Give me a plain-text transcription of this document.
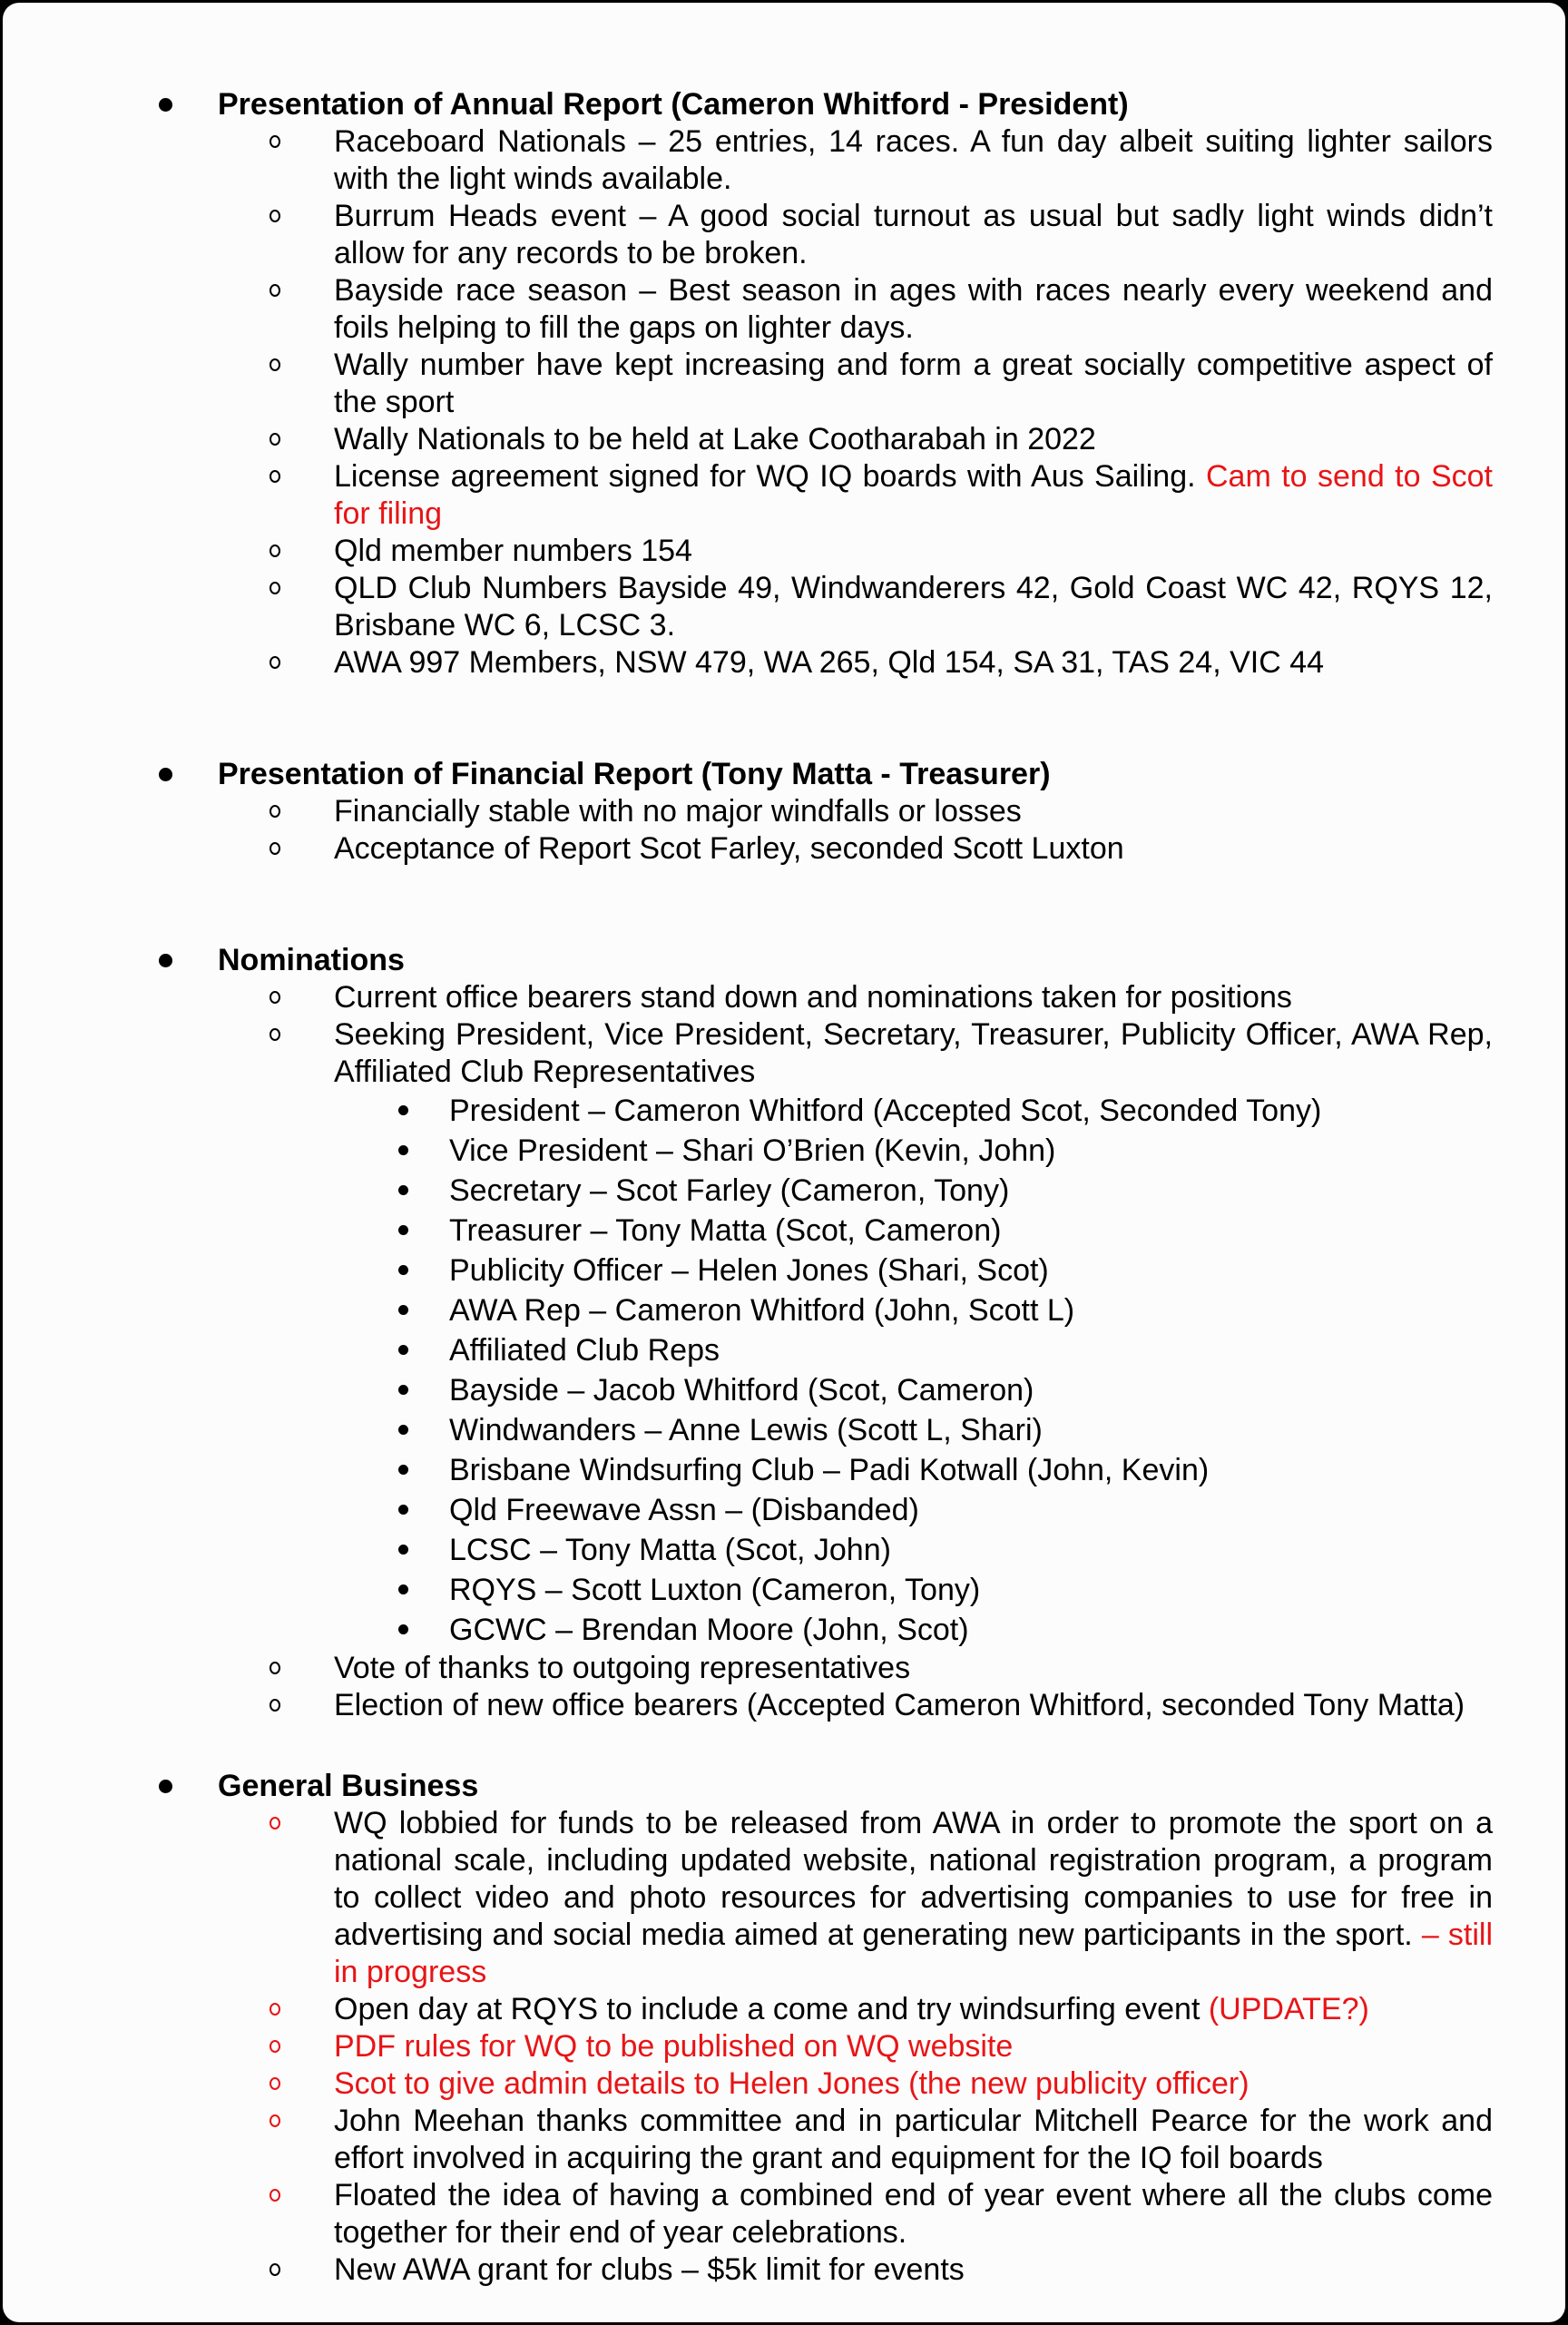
Presentation of Annual Report (Cameron Whitford - President)

Raceboard Nationals – 25 entries, 14 races. A fun day albeit suiting lighter sailors with the light winds available.

Burrum Heads event – A good social turnout as usual but sadly light winds didn’t allow for any records to be broken.

Bayside race season – Best season in ages with races nearly every weekend and foils helping to fill the gaps on lighter days.

Wally number have kept increasing and form a great socially competitive aspect of the sport

Wally Nationals to be held at Lake Cootharabah in 2022

License agreement signed for WQ IQ boards with Aus Sailing. Cam to send to Scot for filing

Qld member numbers 154

QLD Club Numbers Bayside 49, Windwanderers 42, Gold Coast WC 42, RQYS 12, Brisbane WC 6, LCSC 3.

AWA 997 Members, NSW 479, WA 265, Qld 154, SA 31, TAS 24, VIC 44

Presentation of Financial Report (Tony Matta - Treasurer)

Financially stable with no major windfalls or losses

Acceptance of Report Scot Farley, seconded Scott Luxton

Nominations

Current office bearers stand down and nominations taken for positions

Seeking President, Vice President, Secretary, Treasurer, Publicity Officer, AWA Rep, Affiliated Club Representatives

President – Cameron Whitford (Accepted Scot, Seconded Tony)

Vice President – Shari O’Brien (Kevin, John)

Secretary – Scot Farley (Cameron, Tony)

Treasurer – Tony Matta (Scot, Cameron)

Publicity Officer – Helen Jones (Shari, Scot)

AWA Rep – Cameron Whitford (John, Scott L)

Affiliated Club Reps

Bayside – Jacob Whitford (Scot, Cameron)

Windwanders – Anne Lewis (Scott L, Shari)

Brisbane Windsurfing Club – Padi Kotwall (John, Kevin)

Qld Freewave Assn – (Disbanded)

LCSC – Tony Matta (Scot, John)

RQYS – Scott Luxton (Cameron, Tony)

GCWC – Brendan Moore (John, Scot)

Vote of thanks to outgoing representatives

Election of new office bearers (Accepted Cameron Whitford, seconded Tony Matta)

General Business

WQ lobbied for funds to be released from AWA in order to promote the sport on a national scale, including updated website, national registration program, a program to collect video and photo resources for advertising companies to use for free in advertising and social media aimed at generating new participants in the sport. – still in progress

Open day at RQYS to include a come and try windsurfing event (UPDATE?)

PDF rules for WQ to be published on WQ website

Scot to give admin details to Helen Jones (the new publicity officer)

John Meehan thanks committee and in particular Mitchell Pearce for the work and effort involved in acquiring the grant and equipment for the IQ foil boards

Floated the idea of having a combined end of year event where all the clubs come together for their end of year celebrations.

New AWA grant for clubs – $5k limit for events
